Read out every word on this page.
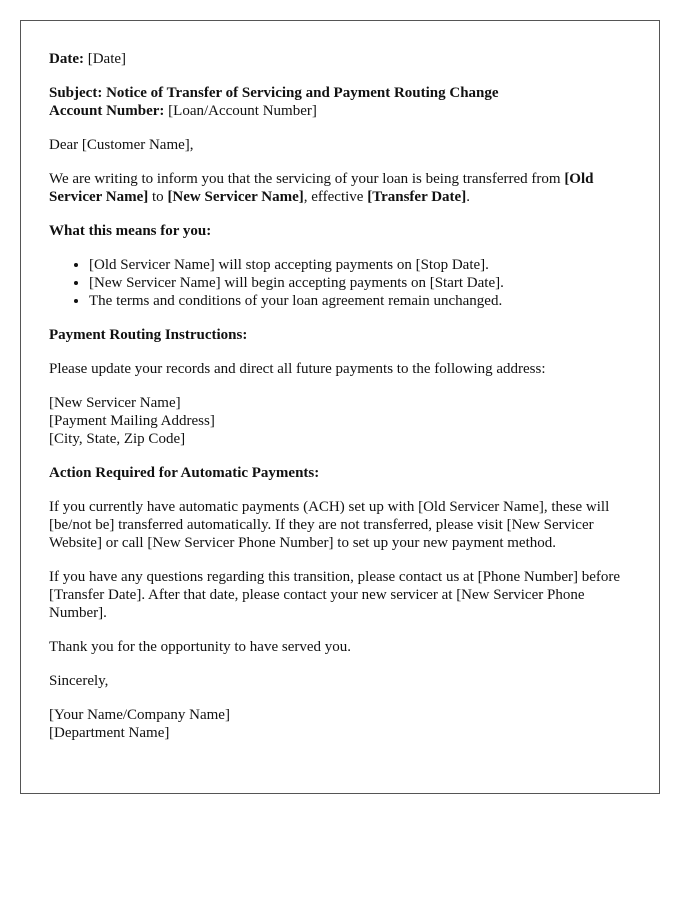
Date: [Date]
Subject: Notice of Transfer of Servicing and Payment Routing Change
Account Number: [Loan/Account Number]
Dear [Customer Name],
We are writing to inform you that the servicing of your loan is being transferred from [Old Servicer Name] to [New Servicer Name], effective [Transfer Date].
What this means for you:
• [Old Servicer Name] will stop accepting payments on [Stop Date].
• [New Servicer Name] will begin accepting payments on [Start Date].
• The terms and conditions of your loan agreement remain unchanged.
Payment Routing Instructions:
Please update your records and direct all future payments to the following address:
[New Servicer Name]
[Payment Mailing Address]
[City, State, Zip Code]
Action Required for Automatic Payments:
If you currently have automatic payments (ACH) set up with [Old Servicer Name], these will [be/not be] transferred automatically. If they are not transferred, please visit [New Servicer Website] or call [New Servicer Phone Number] to set up your new payment method.
If you have any questions regarding this transition, please contact us at [Phone Number] before [Transfer Date]. After that date, please contact your new servicer at [New Servicer Phone Number].
Thank you for the opportunity to have served you.
Sincerely,
[Your Name/Company Name]
[Department Name]
